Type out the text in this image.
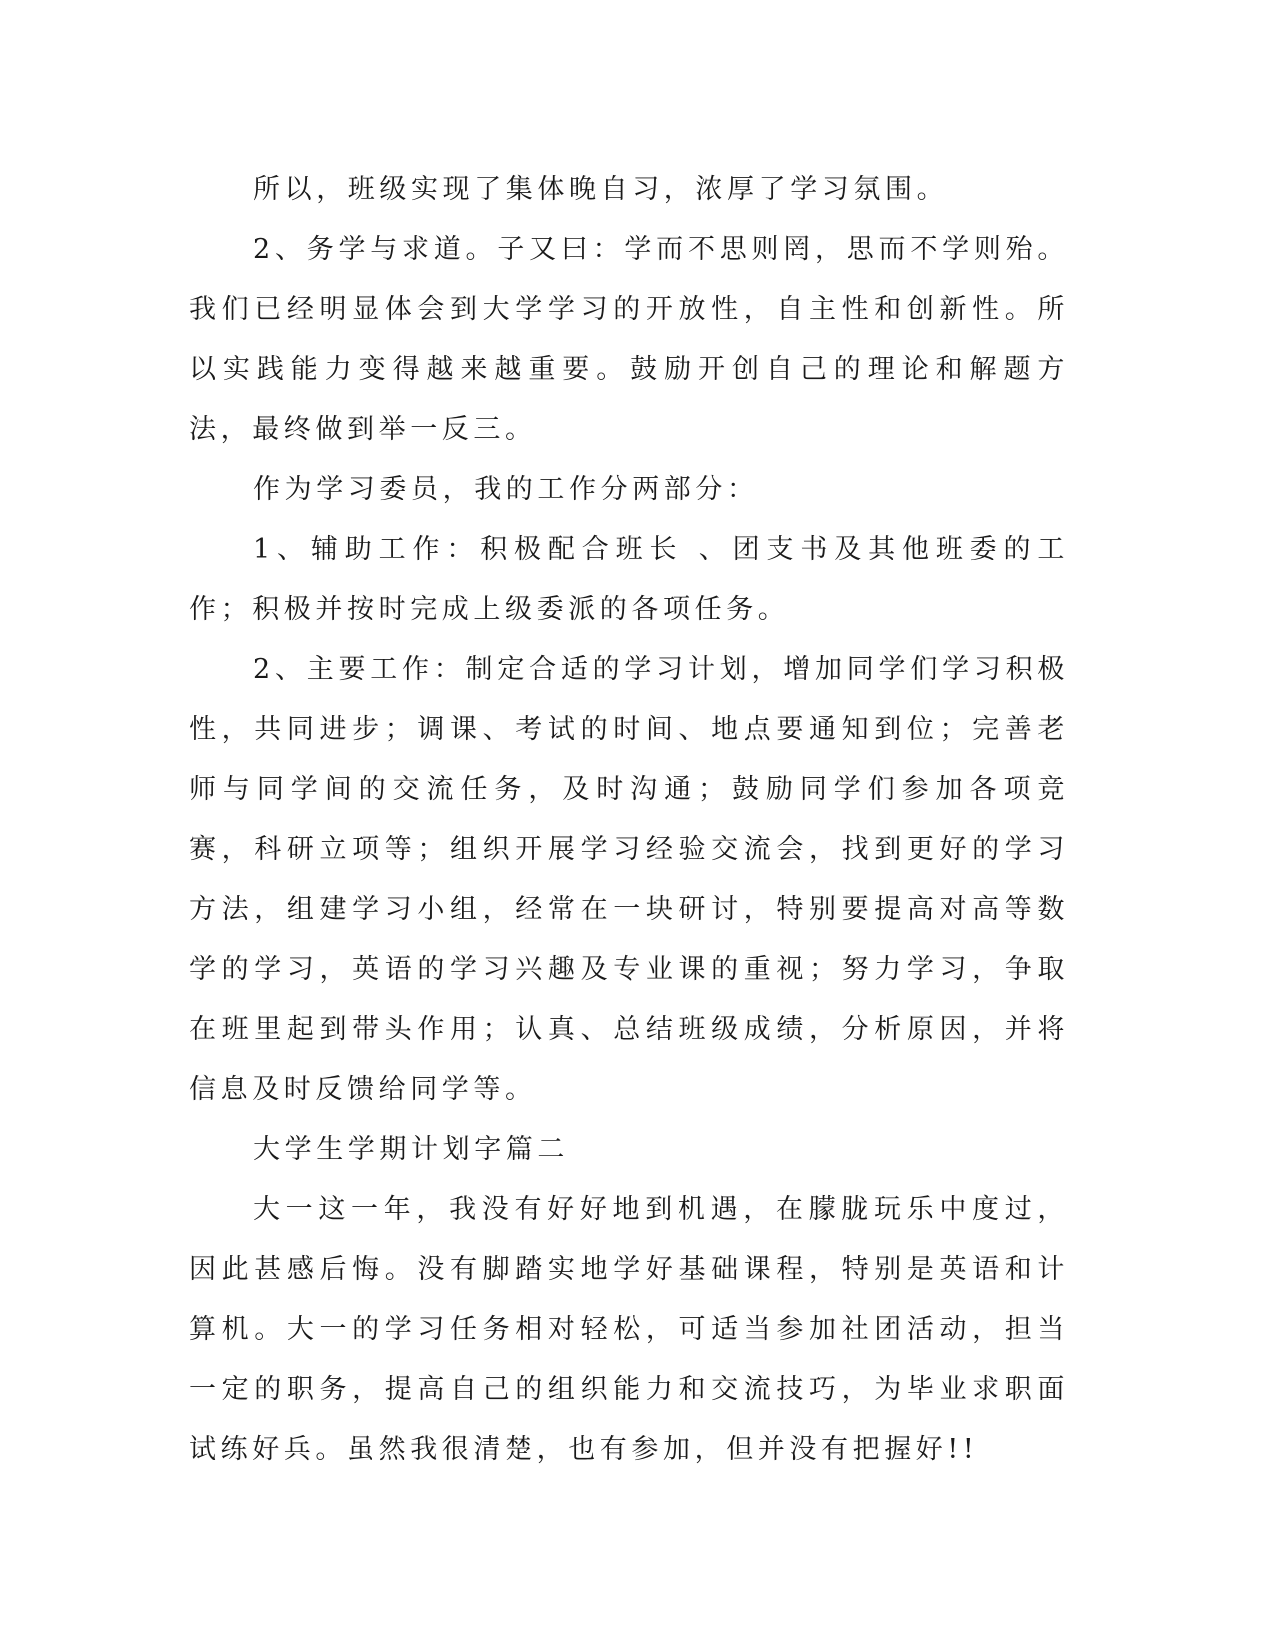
所以，班级实现了集体晚自习，浓厚了学习氛围。

2、务学与求道。子又曰：学而不思则罔，思而不学则殆。我们已经明显体会到大学学习的开放性，自主性和创新性。所以实践能力变得越来越重要。鼓励开创自己的理论和解题方法，最终做到举一反三。

作为学习委员，我的工作分两部分：

1、辅助工作：积极配合班长 、团支书及其他班委的工作；积极并按时完成上级委派的各项任务。

2、主要工作：制定合适的学习计划，增加同学们学习积极性，共同进步；调课、考试的时间、地点要通知到位；完善老师与同学间的交流任务，及时沟通；鼓励同学们参加各项竞赛，科研立项等；组织开展学习经验交流会，找到更好的学习方法，组建学习小组，经常在一块研讨，特别要提高对高等数学的学习，英语的学习兴趣及专业课的重视；努力学习，争取在班里起到带头作用；认真、总结班级成绩，分析原因，并将信息及时反馈给同学等。

大学生学期计划字篇二

大一这一年，我没有好好地到机遇，在朦胧玩乐中度过，因此甚感后悔。没有脚踏实地学好基础课程，特别是英语和计算机。大一的学习任务相对轻松，可适当参加社团活动，担当一定的职务，提高自己的组织能力和交流技巧，为毕业求职面试练好兵。虽然我很清楚，也有参加，但并没有把握好!!
